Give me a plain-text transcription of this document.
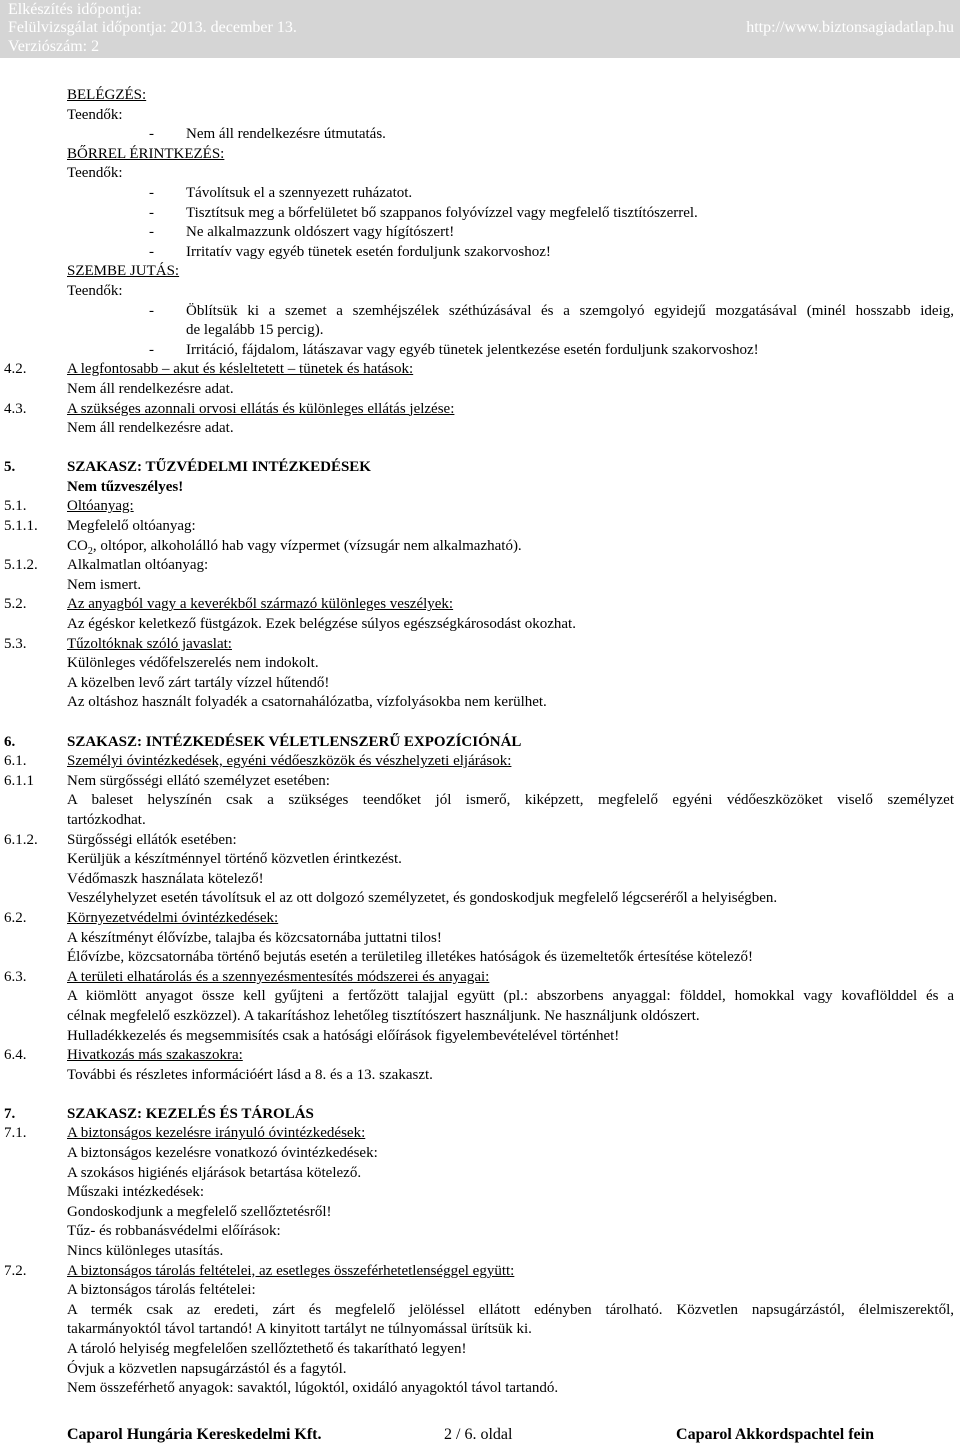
Elkészítés időpontja:
Felülvizsgálat időpontja: 2013. december 13.
Verziószám: 2
http://www.biztonsagiadatlap.hu
BELÉGZÉS:
Teendők:
- Nem áll rendelkezésre útmutatás.
BŐRREL ÉRINTKEZÉS:
Teendők:
- Távolítsuk el a szennyezett ruházatot.
- Tisztítsuk meg a bőrfelületet bő szappanos folyóvízzel vagy megfelelő tisztítószerrel.
- Ne alkalmazzunk oldószert vagy hígítószert!
- Irritatív vagy egyéb tünetek esetén forduljunk szakorvoshoz!
SZEMBE JUTÁS:
Teendők:
- Öblítsük ki a szemet a szemhéjszélek széthúzásával és a szemgolyó egyidejű mozgatásával (minél hosszabb ideig,
de legalább 15 percig).
- Irritáció, fájdalom, látászavar vagy egyéb tünetek jelentkezése esetén forduljunk szakorvoshoz!
4.2.	A legfontosabb – akut és késleltetett – tünetek és hatások:
Nem áll rendelkezésre adat.
4.3.	A szükséges azonnali orvosi ellátás és különleges ellátás jelzése:
Nem áll rendelkezésre adat.
5.	SZAKASZ: TŰZVÉDELMI INTÉZKEDÉSEK
Nem tűzveszélyes!
5.1.	Oltóanyag:
5.1.1. Megfelelő oltóanyag:
$CO_2$, oltópor, alkoholálló hab vagy vízpermet (vízsugár nem alkalmazható).
5.1.2. Alkalmatlan oltóanyag:
Nem ismert.
5.2.	Az anyagból vagy a keverékből származó különleges veszélyek:
Az égéskor keletkező füstgázok. Ezek belégzése súlyos egészségkárosodást okozhat.
5.3.	Tűzoltóknak szóló javaslat:
Különleges védőfelszerelés nem indokolt.
A közelben levő zárt tartály vízzel hűtendő!
Az oltáshoz használt folyadék a csatornahálózatba, vízfolyásokba nem kerülhet.
6.	SZAKASZ: INTÉZKEDÉSEK VÉLETLENSZERŰ EXPOZÍCIÓNÁL
6.1.	Személyi óvintézkedések, egyéni védőeszközök és vészhelyzeti eljárások:
6.1.1 Nem sürgősségi ellátó személyzet esetében:
A baleset helyszínén csak a szükséges teendőket jól ismerő, kiképzett, megfelelő egyéni védőeszközöket viselő személyzet
tartózkodhat.
6.1.2. Sürgősségi ellátók esetében:
Kerüljük a készítménnyel történő közvetlen érintkezést.
Védőmaszk használata kötelező!
Veszélyhelyzet esetén távolítsuk el az ott dolgozó személyzetet, és gondoskodjuk megfelelő légcseréről a helyiségben.
6.2.	Környezetvédelmi óvintézkedések:
A készítményt élővízbe, talajba és közcsatornába juttatni tilos!
Élővízbe, közcsatornába történő bejutás esetén a területileg illetékes hatóságok és üzemeltetők értesítése kötelező!
6.3.	A területi elhatárolás és a szennyezésmentesítés módszerei és anyagai:
A kiömlött anyagot össze kell gyűjteni a fertőzött talajjal együtt (pl.: abszorbens anyaggal: földdel, homokkal vagy kovaflölddel és a
célnak megfelelő eszközzel). A takarításhoz lehetőleg tisztítószert használjunk. Ne használjunk oldószert.
Hulladékkezelés és megsemmisítés csak a hatósági előírások figyelembevételével történhet!
6.4.	Hivatkozás más szakaszokra:
További és részletes információért lásd a 8. és a 13. szakaszt.
7.	SZAKASZ: KEZELÉS ÉS TÁROLÁS
7.1.	A biztonságos kezelésre irányuló óvintézkedések:
A biztonságos kezelésre vonatkozó óvintézkedések:
A szokásos higiénés eljárások betartása kötelező.
Műszaki intézkedések:
Gondoskodjunk a megfelelő szellőztetésről!
Tűz- és robbanásvédelmi előírások:
Nincs különleges utasítás.
7.2.	A biztonságos tárolás feltételei, az esetleges összeférhetetlenséggel együtt:
A biztonságos tárolás feltételei:
A termék csak az eredeti, zárt és megfelelő jelöléssel ellátott edényben tárolható. Közvetlen napsugárzástól, élelmiszerektől,
takarmányoktól távol tartandó! A kinyitott tartályt ne túlnyomással ürítsük ki.
A tároló helyiség megfelelően szellőztethető és takarítható legyen!
Óvjuk a közvetlen napsugárzástól és a fagytól.
Nem összeférhető anyagok: savaktól, lúgoktól, oxidáló anyagoktól távol tartandó.
Caparol Hungária Kereskedelmi Kft.	2 / 6. oldal	Caparol Akkordspachtel fein
